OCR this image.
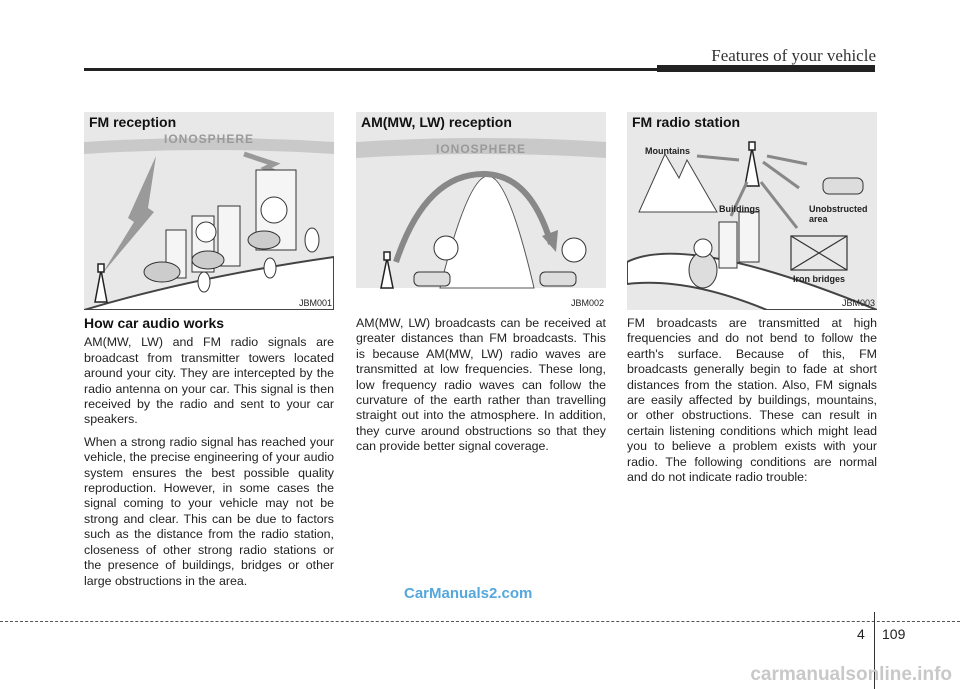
Features of your vehicle
FM reception
IONOSPHERE
JBM001
AM(MW, LW) reception
IONOSPHERE
JBM002
FM radio station
Mountains
Buildings	Unobstructed
area
Iron bridges
JBM003
How car audio works

AM(MW, LW) and FM radio signals are broadcast from transmitter towers located around your city. They are intercepted by the radio antenna on your car. This signal is then received by the radio and sent to your car speakers.

When a strong radio signal has reached your vehicle, the precise engineering of your audio system ensures the best possible quality reproduction. However, in some cases the signal coming to your vehicle may not be strong and clear. This can be due to factors such as the distance from the radio station, closeness of other strong radio stations or the presence of buildings, bridges or other large obstructions in the area.

AM(MW, LW) broadcasts can be received at greater distances than FM broadcasts. This is because AM(MW, LW) radio waves are transmitted at low frequencies. These long, low frequency radio waves can follow the curvature of the earth rather than travelling straight out into the atmosphere. In addition, they curve around obstructions so that they can provide better signal coverage.

FM broadcasts are transmitted at high frequencies and do not bend to follow the earth's surface. Because of this, FM broadcasts generally begin to fade at short distances from the station. Also, FM signals are easily affected by buildings, mountains, or other obstructions. These can result in certain listening conditions which might lead you to believe a problem exists with your radio. The following conditions are normal and do not indicate radio trouble:

CarManuals2.com
4 109
carmanualsonline.info
